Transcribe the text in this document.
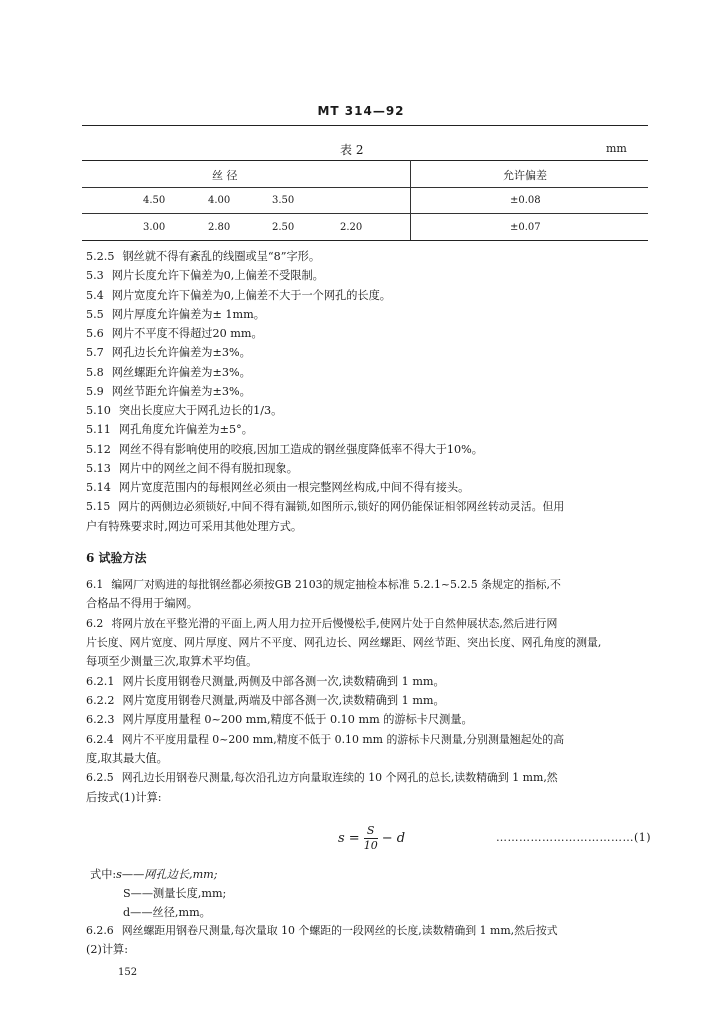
MT 314—92
表 2	mm
丝 径	允许偏差
4.50	4.00	3.50	±0.08
3.00	2.80	2.50	2.20	±0.07
5.2.5 钢丝就不得有紊乱的线圈或呈“8”字形。
5.3 网片长度允许下偏差为0,上偏差不受限制。
5.4 网片宽度允许下偏差为0,上偏差不大于一个网孔的长度。
5.5 网片厚度允许偏差为± 1mm。
5.6 网片不平度不得超过20 mm。
5.7 网孔边长允许偏差为±3%。
5.8 网丝螺距允许偏差为±3%。
5.9 网丝节距允许偏差为±3%。
5.10 突出长度应大于网孔边长的1/3。
5.11 网孔角度允许偏差为±5°。
5.12 网丝不得有影响使用的咬痕,因加工造成的钢丝强度降低率不得大于10%。
5.13 网片中的网丝之间不得有脱扣现象。
5.14 网片宽度范围内的每根网丝必须由一根完整网丝构成,中间不得有接头。
5.15 网片的两侧边必须锁好,中间不得有漏锁,如图所示,锁好的网仍能保证相邻网丝转动灵活。但用
户有特殊要求时,网边可采用其他处理方式。
6 试验方法
6.1 编网厂对购进的每批钢丝都必须按GB 2103的规定抽检本标准 5.2.1~5.2.5 条规定的指标,不
合格品不得用于编网。
6.2 将网片放在平整光滑的平面上,两人用力拉开后慢慢松手,使网片处于自然伸展状态,然后进行网
片长度、网片宽度、网片厚度、网片不平度、网孔边长、网丝螺距、网丝节距、突出长度、网孔角度的测量,
每项至少测量三次,取算术平均值。
6.2.1 网片长度用钢卷尺测量,两侧及中部各测一次,读数精确到 1 mm。
6.2.2 网片宽度用钢卷尺测量,两端及中部各测一次,读数精确到 1 mm。
6.2.3 网片厚度用量程 0~200 mm,精度不低于 0.10 mm 的游标卡尺测量。
6.2.4 网片不平度用量程 0~200 mm,精度不低于 0.10 mm 的游标卡尺测量,分别测量翘起处的高
度,取其最大值。
6.2.5 网孔边长用钢卷尺测量,每次沿孔边方向量取连续的 10 个网孔的总长,读数精确到 1 mm,然
后按式(1)计算:
$s = \frac{S}{10} - d$	………………………………(1)
式中:s——网孔边长,mm;
S——测量长度,mm;
d——丝径,mm。
6.2.6 网丝螺距用钢卷尺测量,每次量取 10 个螺距的一段网丝的长度,读数精确到 1 mm,然后按式
(2)计算:
152
